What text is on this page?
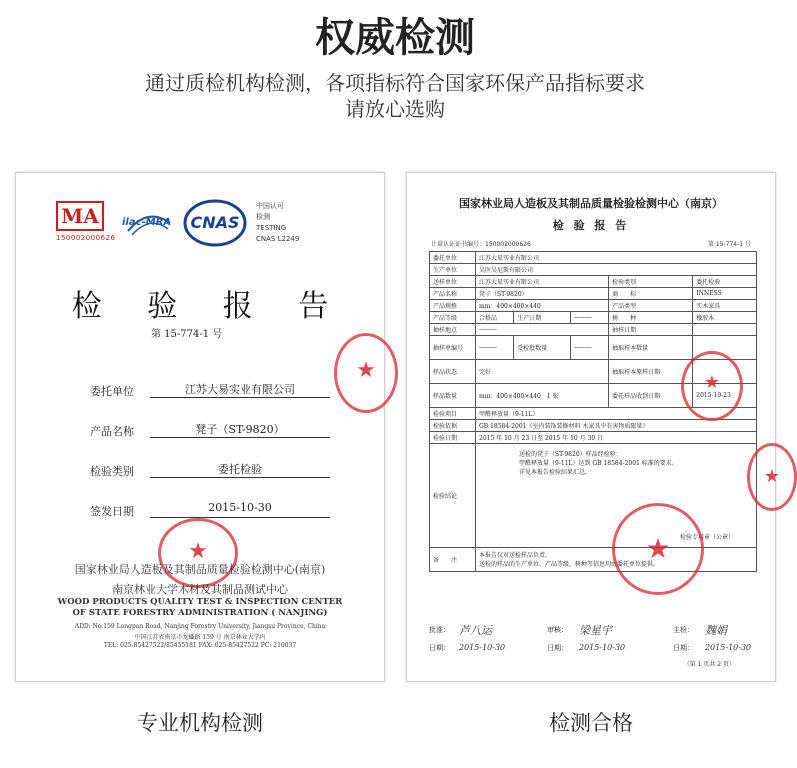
权威检测
通过质检机构检测，各项指标符合国家环保产品指标要求
请放心选购
MA
150002000626
ilac-MRA	CNAS
中国认可
检测
TESTING
CNAS L2249
检 验 报 告
第 15-774-1 号
委托单位	江苏大易实业有限公司
产品名称	凳子（ST-9820）
检验类别	委托检验
签发日期	2015-10-30
★
★
国家林业局人造板及其制品质量检验检测中心(南京)
南京林业大学木材及其制品测试中心
WOOD PRODUCTS QUALITY TEST & INSPECTION CENTER
OF STATE FORESTRY ADMINISTRATION ( NANJING)
ADD: No.159 Longpan Road, Nanjing Forestry University, Jiangsu Province, China
中国江苏省南京市龙蟠路 159 号 南京林业大学内
TEL: 025-85427522/85455181 FAX: 025-85427522 PC: 210037
国家林业局人造板及其制品质量检验检测中心（南京）
检 验 报 告
计量认证证书编号：150002000626	第 15-774-1 号
委托单位	江苏大易实业有限公司				
生产单位	吴医吴尼斯有限公司				
送样单位	江苏大易实业有限公司			检验类别	委托检验
产品名称	凳子（ST-9820）			商　　标	INNESS
产品规格	mm：400×400×440			产品类型	实木家具
产品等级	合格品	生产日期	———	树　　种	橡胶木
抽样地点	———			抽样日期	
抽样单编号	———	受检批数量	———	抽取样本数量	
样品状态	完好			抽取样本原样日期	
样品数量	mm：400×400×440　1 张			委托样品收到日期	2015-10-23
检验项目	甲醛释放量（9-11L）				
检验依据	GB 18584-2001《室内装饰装修材料 木家具中有害物质限量》				
检验日期	2015 年 10 月 23 日至 2015 年 10 月 30 日				
检验结论	送检的凳子（ST-9820）样品经检验：
甲醛释放量（9-11L）达到 GB 18584-2001 标准的要求。
详见本报告检验结果汇总。
检验专用章（公章）				

备　　注	本报告仅对送检样品负责。
送检的样品的生产单位、产品等级、树种等信息均由委托单位提供。				
★
★
★
批准： 芦八运	审核： 梁星宇	主检： 魏娟
日期： 2015-10-30	日期： 2015-10-30	日期： 2015-10-30
（第 1 页共 2 页）
专业机构检测	检测合格
